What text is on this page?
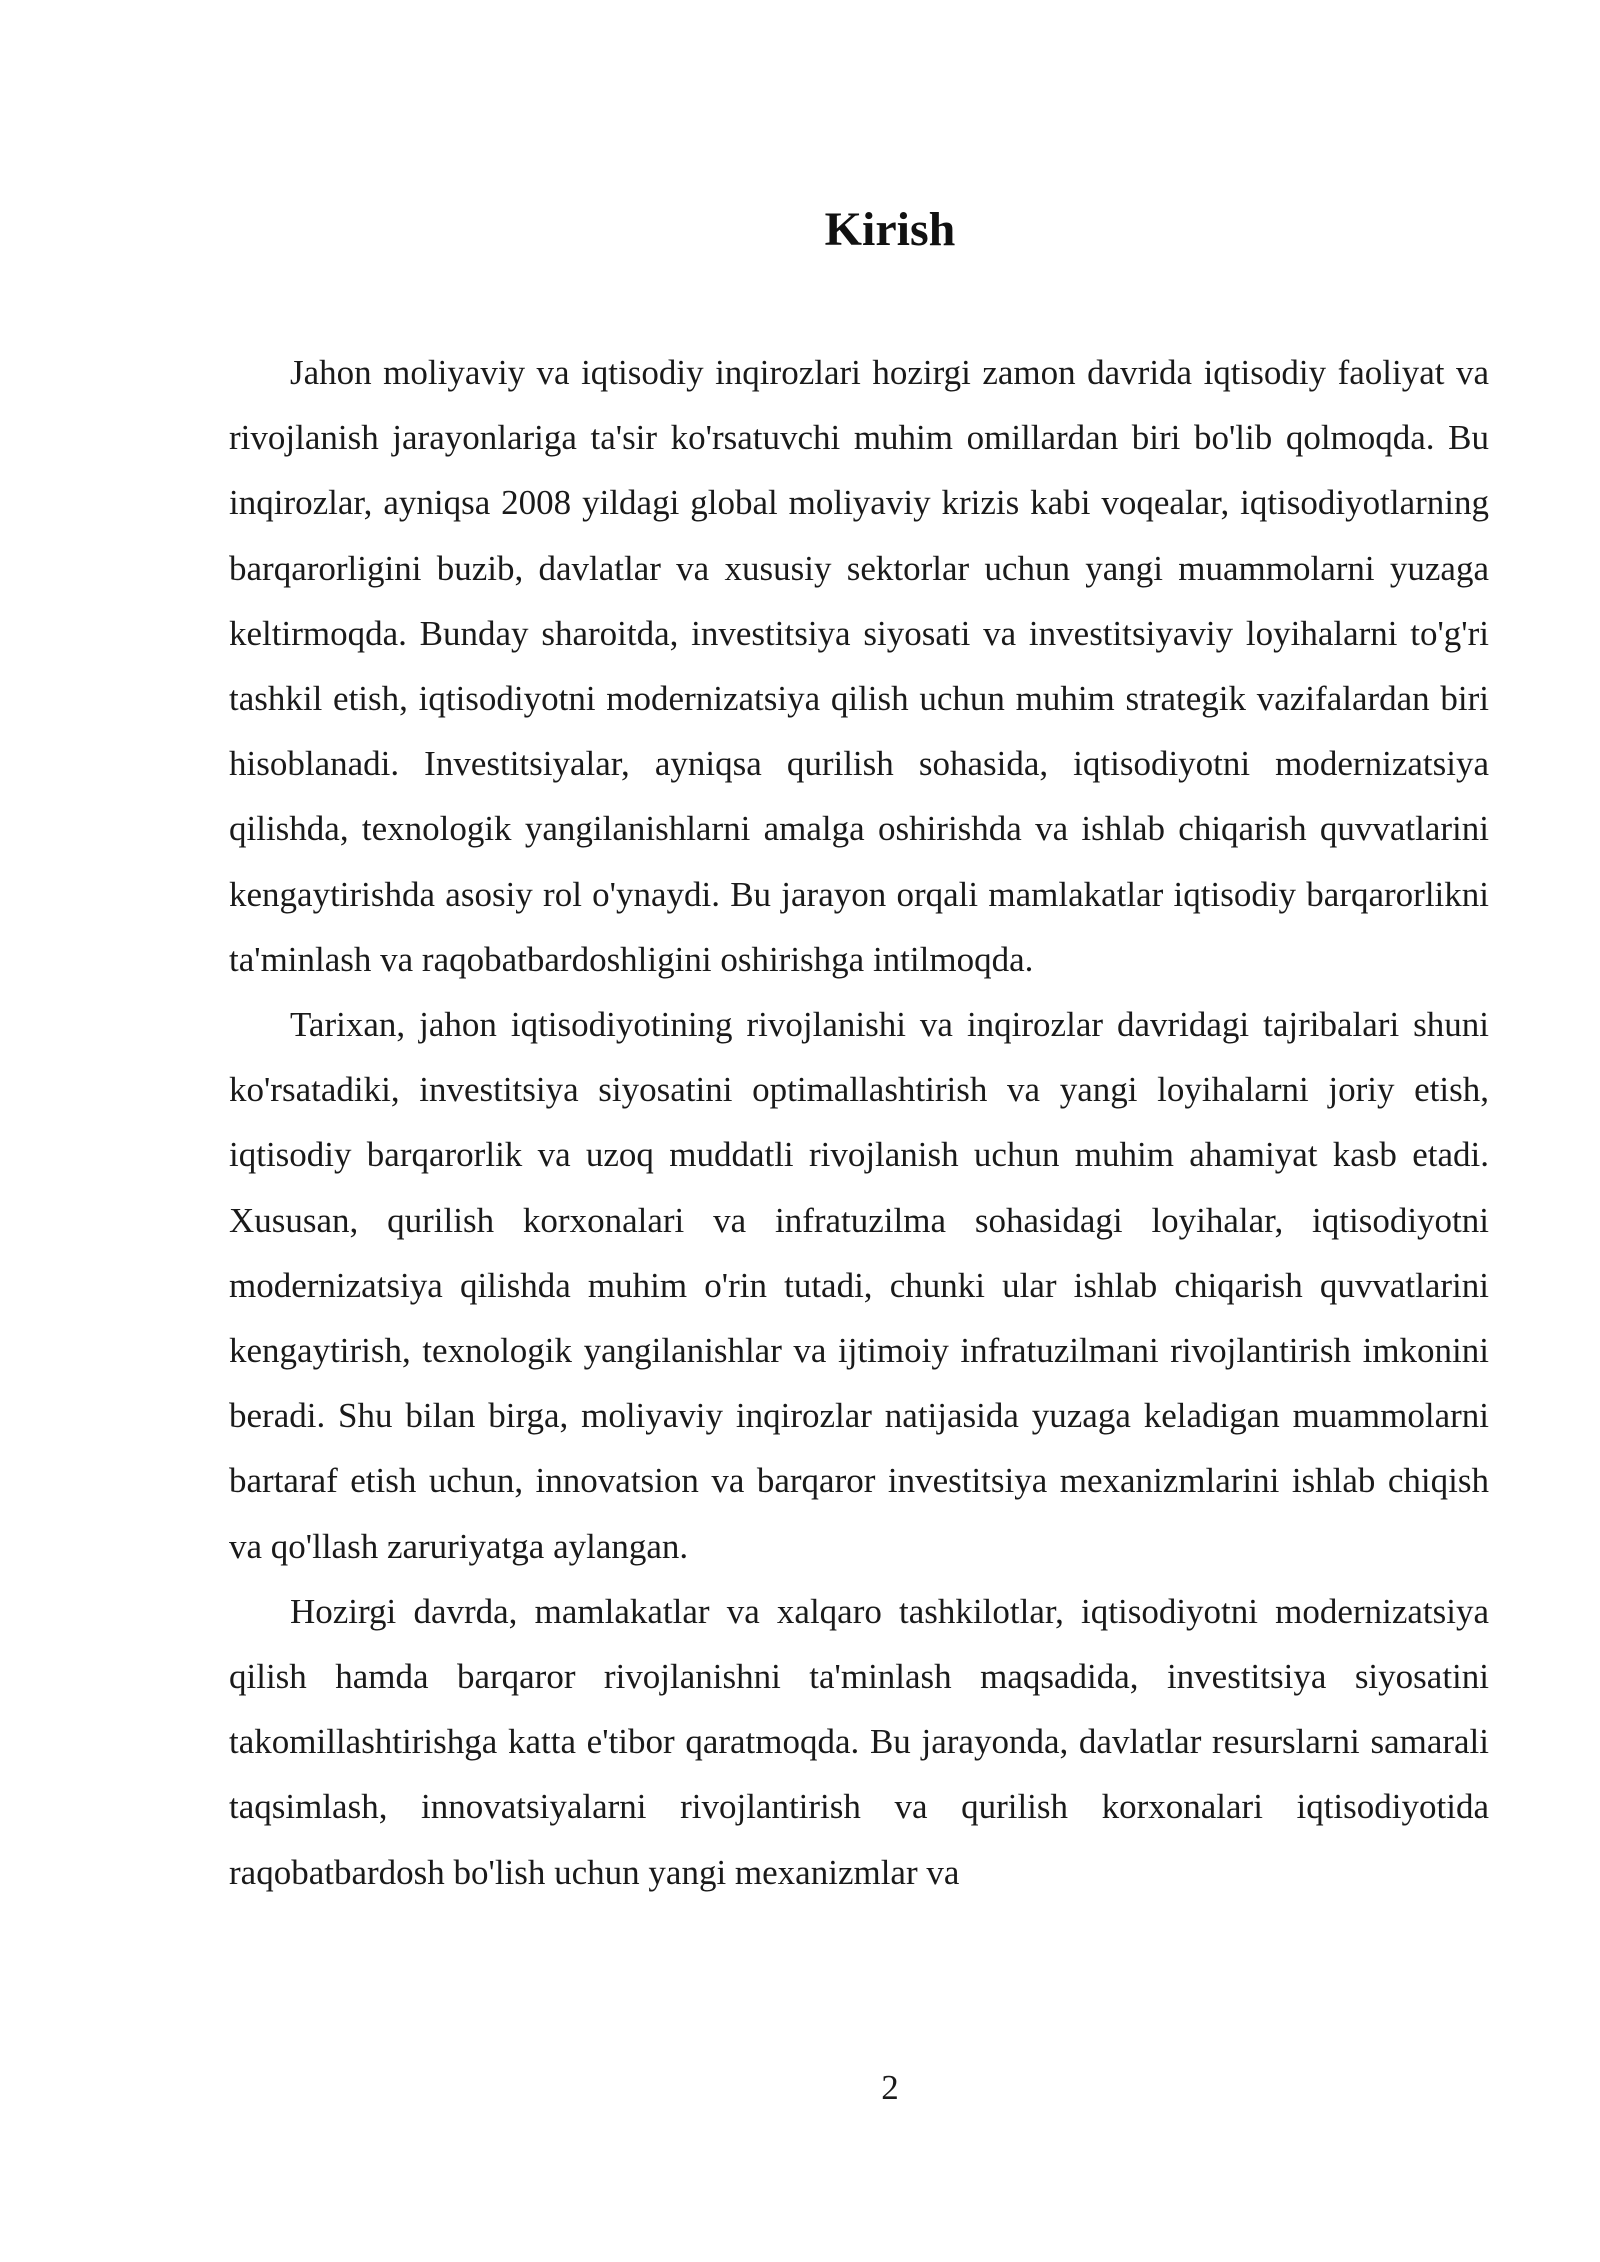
Kirish

Jahon moliyaviy va iqtisodiy inqirozlari hozirgi zamon davrida iqtisodiy faoliyat va rivojlanish jarayonlariga ta'sir ko'rsatuvchi muhim omillardan biri bo'lib qolmoqda. Bu inqirozlar, ayniqsa 2008 yildagi global moliyaviy krizis kabi voqealar, iqtisodiyotlarning barqarorligini buzib, davlatlar va xususiy sektorlar uchun yangi muammolarni yuzaga keltirmoqda. Bunday sharoitda, investitsiya siyosati va investitsiyaviy loyihalarni to'g'ri tashkil etish, iqtisodiyotni modernizatsiya qilish uchun muhim strategik vazifalardan biri hisoblanadi. Investitsiyalar, ayniqsa qurilish sohasida, iqtisodiyotni modernizatsiya qilishda, texnologik yangilanishlarni amalga oshirishda va ishlab chiqarish quvvatlarini kengaytirishda asosiy rol o'ynaydi. Bu jarayon orqali mamlakatlar iqtisodiy barqarorlikni ta'minlash va raqobatbardoshligini oshirishga intilmoqda.

Tarixan, jahon iqtisodiyotining rivojlanishi va inqirozlar davridagi tajribalari shuni ko'rsatadiki, investitsiya siyosatini optimallashtirish va yangi loyihalarni joriy etish, iqtisodiy barqarorlik va uzoq muddatli rivojlanish uchun muhim ahamiyat kasb etadi. Xususan, qurilish korxonalari va infratuzilma sohasidagi loyihalar, iqtisodiyotni modernizatsiya qilishda muhim o'rin tutadi, chunki ular ishlab chiqarish quvvatlarini kengaytirish, texnologik yangilanishlar va ijtimoiy infratuzilmani rivojlantirish imkonini beradi. Shu bilan birga, moliyaviy inqirozlar natijasida yuzaga keladigan muammolarni bartaraf etish uchun, innovatsion va barqaror investitsiya mexanizmlarini ishlab chiqish va qo'llash zaruriyatga aylangan.

Hozirgi davrda, mamlakatlar va xalqaro tashkilotlar, iqtisodiyotni modernizatsiya qilish hamda barqaror rivojlanishni ta'minlash maqsadida, investitsiya siyosatini takomillashtirishga katta e'tibor qaratmoqda. Bu jarayonda, davlatlar resurslarni samarali taqsimlash, innovatsiyalarni rivojlantirish va qurilish korxonalari iqtisodiyotida raqobatbardosh bo'lish uchun yangi mexanizmlar va

2
